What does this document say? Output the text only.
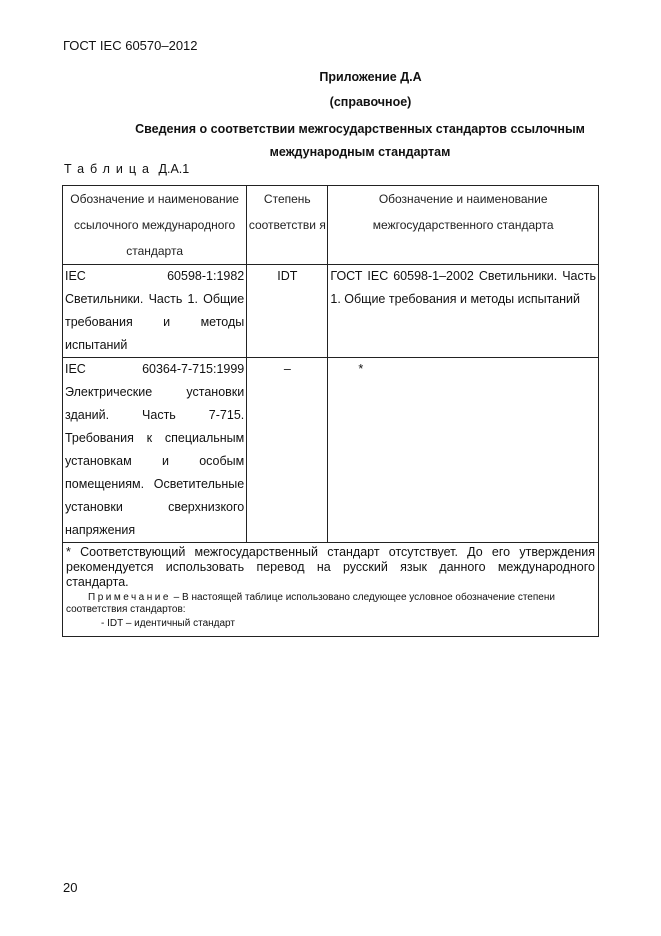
ГОСТ IEC 60570–2012
Приложение Д.А
(справочное)
Сведения о соответствии межгосударственных стандартов ссылочным
международным стандартам
Таблица Д.А.1
Обозначение и наименование ссылочного международного стандарта	Степень соответстви я	Обозначение и наименование межгосударственного стандарта
IEC 60598-1:1982 Светильники. Часть 1. Общие требования и методы испытаний	IDT	ГОСТ IEC 60598-1–2002 Светильники. Часть 1. Общие требования и методы испытаний
IEC 60364-7-715:1999 Электрические установки зданий. Часть 7-715. Требования к специальным установкам и особым помещениям. Осветительные установки сверхнизкого напряжения	–	*

* Соответствующий межгосударственный стандарт отсутствует. До его утверждения рекомендуется использовать перевод на русский язык данного международного стандарта.
Примечание – В настоящей таблице использовано следующее условное обозначение степени соответствия стандартов:
- IDT – идентичный стандарт		
20
